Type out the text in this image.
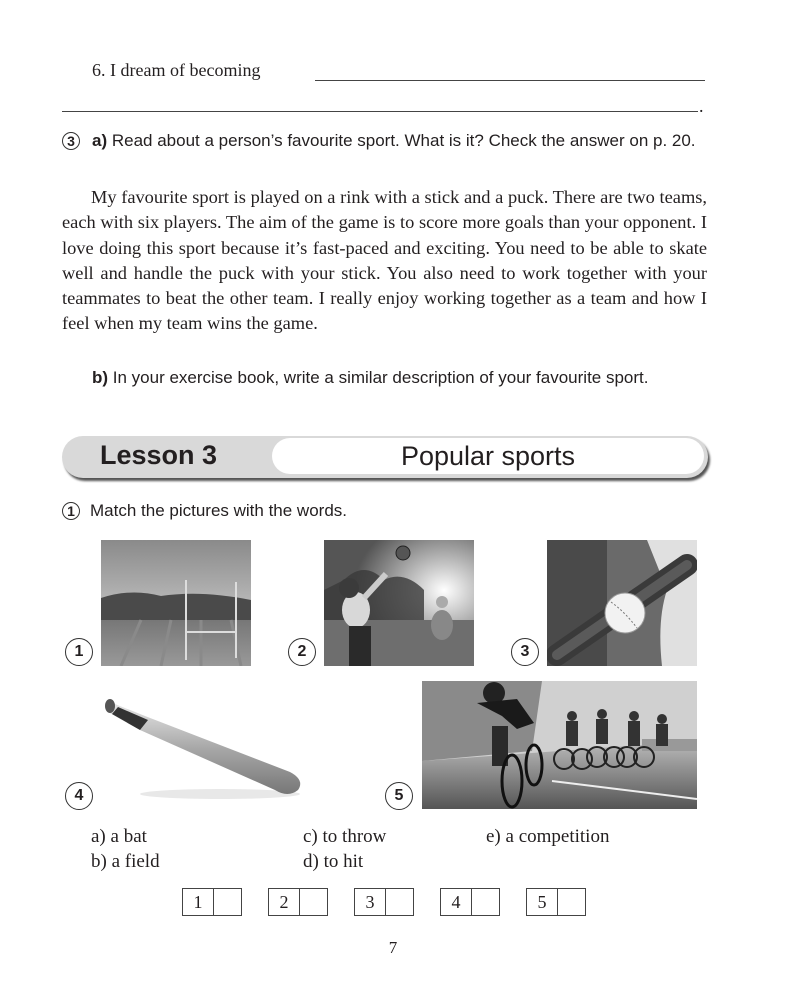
6. I dream of becoming
.
3	a) Read about a person’s favourite sport. What is it? Check the answer on p. 20.
My favourite sport is played on a rink with a stick and a puck. There are two teams, each with six players. The aim of the game is to score more goals than your opponent. I love doing this sport because it’s fast-paced and exciting. You need to be able to skate well and handle the puck with your stick. You also need to work together with your teammates to beat the other team. I really enjoy working together as a team and how I feel when my team wins the game.
b) In your exercise book, write a similar description of your favourite sport.
Lesson 3	Popular sports
1 Match the pictures with the words.
1	2	3
4	5
a) a bat
b) a field
c) to throw
d) to hit
e) a competition
1	2	3	4	5
7
